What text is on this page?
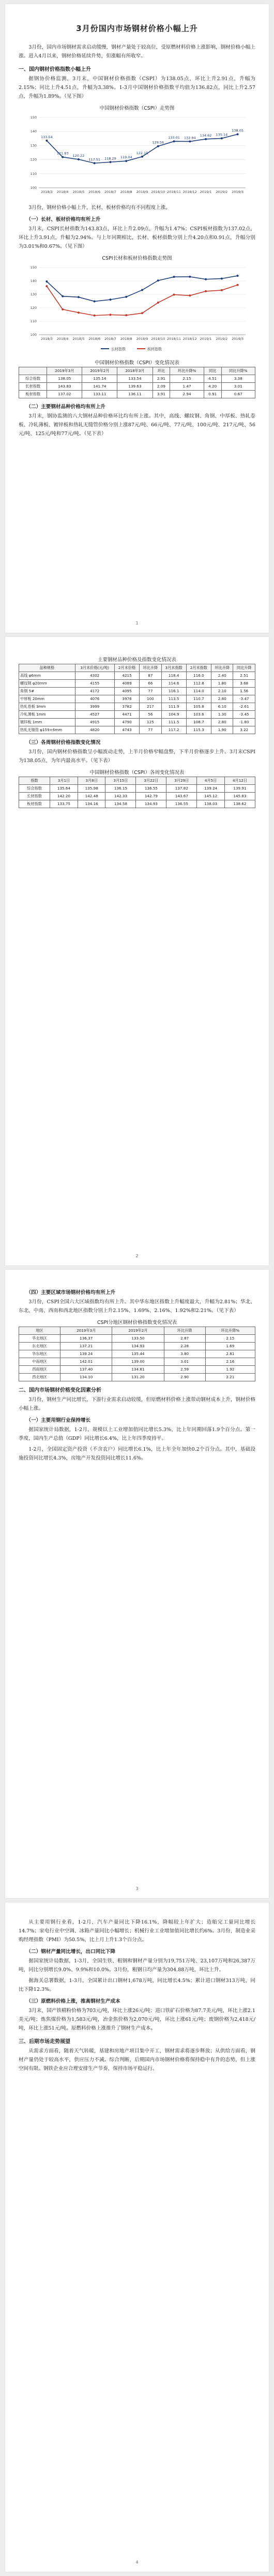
3月份国内市场钢材价格小幅上升

3月份，国内市场钢材需求启动缓慢，钢材产量处于较高位，受原燃材料价格上涨影响，钢材价格小幅上涨。进入4月以来，钢材价格延续升势，但涨幅有所收窄。

一、国内钢材价格指数小幅上升

据钢协价格监测，3月末，中国钢材价格指数（CSPI）为138.05点，环比上升2.91点，升幅为2.15%；同比上升4.51点，升幅为3.38%。1-3月中国钢材价格指数平均值为136.82点，同比上升2.57点，升幅为1.89%。（见下图）

中国钢材价格指数（CSPI）走势图
100
110
120
130
140
150
2018/3 2018/4 2018/5 2018/6 2018/7 2018/8 2018/9 2018/10 2018/11 2018/12 2019/1 2019/2 2019/3
133.54
121.83
120.22
117.51 118.29 119.04
122.15
129.56
133.01 132.94
134.62 135.14
138.05

3月份，钢材价格小幅上升，长材、板材价格均有不同程度上涨。

（一）长材、板材价格均有所上升

3月末，CSPI长材指数为143.83点，环比上升2.09点，升幅为1.47%；CSPI板材指数为137.02点，环比上升3.91点，升幅为2.94%。与上年同期相比，长材、板材指数分别上升4.20点和0.91点，升幅分别为3.01%和0.67%。（见下图）

CSPI长材和板材价格指数走势图
100
110
120
130
140
150
2018/3 2018/4 2018/5 2018/6 2018/7 2018/8 2018/9 2018/10 2018/11 2018/12 2019/1 2019/2 2019/3
长材指数	板材指数
中国钢材价格指数（CSPI）变化情况表
	2019年3月	2019年2月	2018年3月	环比	环比升降%	同比	同比升降%
综合指数	138.05	135.14	133.54	2.91	2.15	4.51	3.38
长材指数	143.83	141.74	139.63	2.09	1.47	4.20	3.01
板材指数	137.02	133.11	136.11	3.91	2.94	0.91	0.67
（二）主要钢材品种价格均有所上升

3月末，钢协监测的八大钢材品种价格环比均有所上涨。其中，高线、螺纹钢、角钢、中厚板、热轧卷板、冷轧薄板、镀锌板和热轧无缝管价格分别上涨87元/吨、66元/吨、77元/吨、100元/吨、217元/吨、56元/吨、125元/吨和77元/吨。（见下表）

1
主要钢材品种价格及指数变化情况表
品种规格	3月末价格(元/吨)	2月末价格	环比升降	3月末指数	2月末指数	环比升降	同比升降
高线 φ6mm	4302	4215	87	118.4	116.0	2.40	2.51
螺纹钢 φ20mm	4155	4089	66	114.6	112.8	1.80	3.68
角钢 5#	4172	4095	77	116.1	114.0	2.10	1.56
中厚板 20mm	4076	3976	100	113.5	110.7	2.80	-3.47
热轧卷板 3mm	3999	3782	217	111.9	105.8	6.10	-2.61
冷轧薄板 1mm	4527	4471	56	104.9	103.6	1.30	-3.45
镀锌板 1mm	4915	4790	125	111.5	108.7	2.80	-1.80
热轧无缝管 φ159×6mm	4820	4743	77	117.2	115.3	1.90	3.22
（三）各周钢材价格指数变化情况

3月份，国内钢材价格指数呈小幅波动走势，上半月价格窄幅盘整，下半月价格逐步上升。3月末CSPI为138.05点，为年内最高水平。（见下表）

中国钢材价格指数（CSPI）各周变化情况表
指数	3月1日	3月8日	3月15日	3月22日	3月29日	4月5日	4月12日
综合指数	135.64	135.98	136.15	136.55	137.82	139.24	139.91
长材指数	142.20	142.48	142.33	142.79	143.67	145.12	145.83
板材指数	133.75	134.16	134.58	134.93	136.55	138.03	138.62
2
（四）主要区域市场钢材价格均有所上升

3月份，CSPI全国六大区域指数均有所上升。其中华东地区指数上升幅度最大，升幅为2.81%；华北、东北、中南、西南和西北地区指数分别上升2.15%、1.69%、2.16%、1.92%和2.21%。（见下表）

CSPI分地区钢材价格指数变化情况表
地区	2019年3月	2019年2月	环比升降	环比升降%
华北地区	136.37	133.50	2.87	2.15
东北地区	137.21	134.93	2.28	1.69
华东地区	139.24	135.44	3.80	2.81
中南地区	142.01	139.00	3.01	2.16
西南地区	137.40	134.81	2.59	1.92
西北地区	134.10	131.20	2.90	2.21
二、国内市场钢材价格变化因素分析

3月份，钢材生产同比增长，下游行业需求启动较缓，但原燃材料价格上涨带动钢材成本上升，钢材价格小幅上涨。

（一）主要用钢行业保持增长

据国家统计局数据，1-2月，规模以上工业增加值同比增长5.3%，比上年同期回落1.9个百分点。第一季度，国内生产总值（GDP）同比增长6.4%，比上年四季度持平。

1-2月，全国固定资产投资（不含农户）同比增长6.1%，比上年全年加快0.2个百分点。其中，基础设施投资同比增长4.3%，房地产开发投资同比增长11.6%。

3

从主要用钢行业看，1-2月，汽车产量同比下降16.1%，降幅较上年扩大；造船完工量同比增长14.7%；家电行业中空调、冰箱产量同比小幅增长；机械行业工业增加值同比增长约6%。3月份，制造业采购经理指数（PMI）为50.5%，比上月上升1.3个百分点。

（二）钢材产量同比增长，出口同比下降

据国家统计局数据，1-3月，全国生铁、粗钢和钢材产量分别为19,751万吨、23,107万吨和26,387万吨，同比分别增长9.0%、9.9%和10.0%。3月份，粗钢日均产量为304.88万吨，环比上升。

据海关总署数据，1-3月，全国累计出口钢材1,678万吨，同比增长4.5%；累计进口钢材313万吨，同比下降12.3%。

（三）原燃料价格上涨，推高钢材生产成本

3月末，国产铁精粉价格为703元/吨，环比上涨26元/吨；进口铁矿石价格为87.7美元/吨，环比上涨2.1美元/吨；炼焦煤价格为1,583元/吨，冶金焦价格为2,070元/吨，环比上涨61元/吨；废钢价格为2,418元/吨，环比上涨51元/吨。原燃料价格上涨推升了钢材生产成本。

三、后期市场走势展望

从需求方面看，随着天气转暖，基建和房地产项目集中开工，钢材需求将逐步释放；从供给方面看，钢材产量仍处于较高水平，供应压力不减。综合判断，后期国内市场钢材价格将保持稳中有升的态势，但上涨空间有限。钢铁企业应合理安排生产节奏，保持市场平稳运行。

4
